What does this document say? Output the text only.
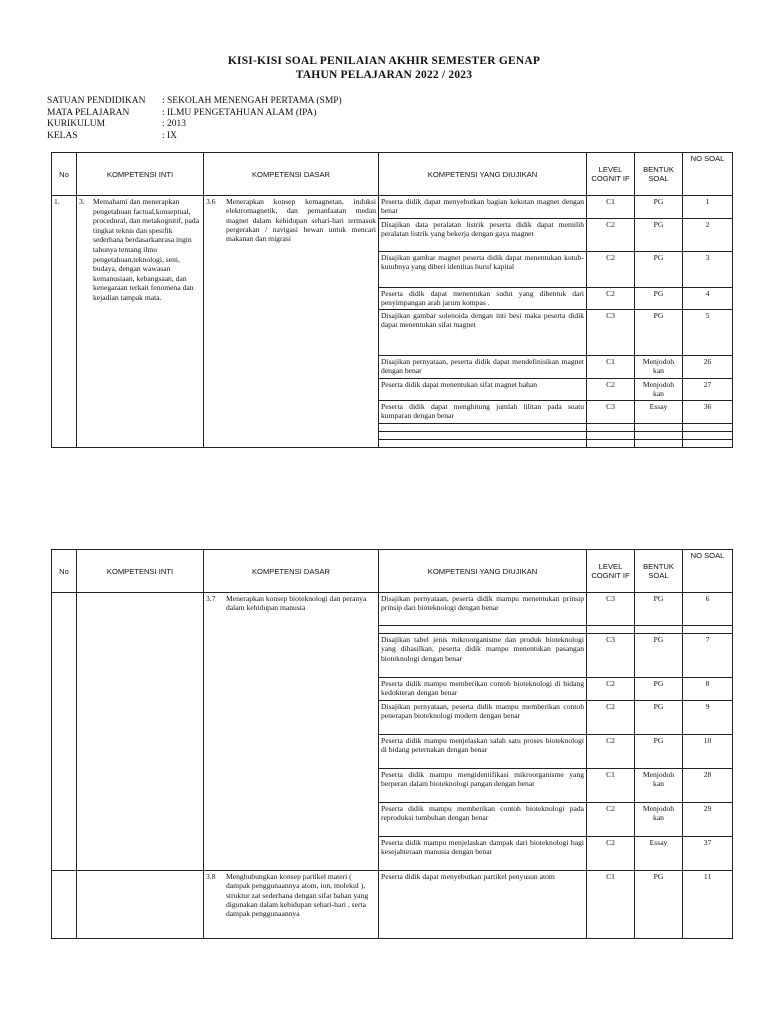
KISI-KISI SOAL PENILAIAN AKHIR SEMESTER GENAP
TAHUN PELAJARAN 2022 / 2023
SATUAN PENDIDIKAN	: SEKOLAH MENENGAH PERTAMA (SMP)
MATA PELAJARAN	: ILMU PENGETAHUAN ALAM (IPA)
KURIKULUM	: 2013
KELAS	: IX
No	KOMPETENSI INTI	KOMPETENSI DASAR	KOMPETENSI YANG DIUJIKAN	LEVEL COGNIT IF	BENTUK SOAL	NO SOAL
1.	3. Memahami dan menerapkan pengetahuan factual,konseptual, procedural, dan metakognitif, pada tingkat teknis dan spesifik sederhana berdasarkanrasa ingin tahunya tentang ilmu pengetahuan,teknologi, seni, budaya, dengan wawasan kemanusiaan, kebangsaan, dan kenegaraan terkait fenomena dan kejadian tampak mata.	3.6 Menerapkan konsep kemagnetan, induksi elektromagnetik, dan pemanfaatan medan magnet dalam kehidupan sehari-hari termasuk pergerakan / navigasi hewan untuk mencari makanan dan migrasi	Peserta didik dapat menyebutkan bagian kekutan magnet dengan benar	C1	PG	1
			Disajikan data peralatan listrik peserta didik dapat memilih peralatan listrik yang bekerja dengan gaya magnet	C2	PG	2
			Disajikan gambar magnet peserta didik dapat menentukan kutub-kutubnya yang diberi identitas huruf kapital	C2	PG	3
			Peserta didik dapat menentukan sudut yang dibentuk dari penyimpangan arah jarum kompas .	C2	PG	4
			Disajikan gambar solenoida dengan inti besi maka peserta didik dapat menentukan sifat magnet	C3	PG	5
			Disajikan pernyataan, peserta didik dapat mendefinisikan magnet dengan benar	C1	Menjodoh kan	26
			Peserta didik dapat menentukan sifat magnet bahan	C2	Menjodoh kan	27
			Peserta didik dapat menghitung jumlah lilitan pada suatu kumparan dengan benar	C3	Essay	36

No	KOMPETENSI INTI	KOMPETENSI DASAR	KOMPETENSI YANG DIUJIKAN	LEVEL COGNIT IF	BENTUK SOAL	NO SOAL

		3.7 Menerapkan konsep bioteknologi dan peranya dalam kehidupan manusia	Disajikan pernyataan, peserta didik mampu menentukan prinsip prinsip dari bioteknologi dengan benar	C3	PG	6

			Disajikan tabel jenis mikroorganisme dan produk bioteknologi yang dihasilkan, peserta didik mampu menentukan pasangan bioteknologi dengan benar	C3	PG	7
			Peserta didik mampu memberikan contoh bioteknologi di bidang kedokteran dengan benar	C2	PG	8
			Disajikan pernyataan, peserta didik mampu memberikan contoh penerapan bioteknologi modern dengan benar	C2	PG	9
			Peserta didik mampu menjelaskan salah satu proses bioteknologi di bidang peternakan dengan benar	C2	PG	10
			Peserta didik mampu mengidentifikasi mikroorganisme yang berperan dalam bioteknologi pangan dengan benar	C1	Menjodoh kan	28
			Peserta didik mampu memberikan contoh bioteknologi pada reproduksi tumbuhan dengan benar	C2	Menjodoh kan	29
			Peserta didik mampu menjelaskan dampak dari bioteknologi bagi kesejahteraan manusia dengan benar	C2	Essay	37

		3.8 Menghubungkan konsep partikel materi ( dampak penggunaannya atom, ion, molekul ), struktur zat sederhana dengan sifat bahan yang digunakan dalam kehidupan sehari-hari , serta dampak penggunaannya	Peserta didik dapat menyebutkan partikel penyusun atom	C1	PG	11
